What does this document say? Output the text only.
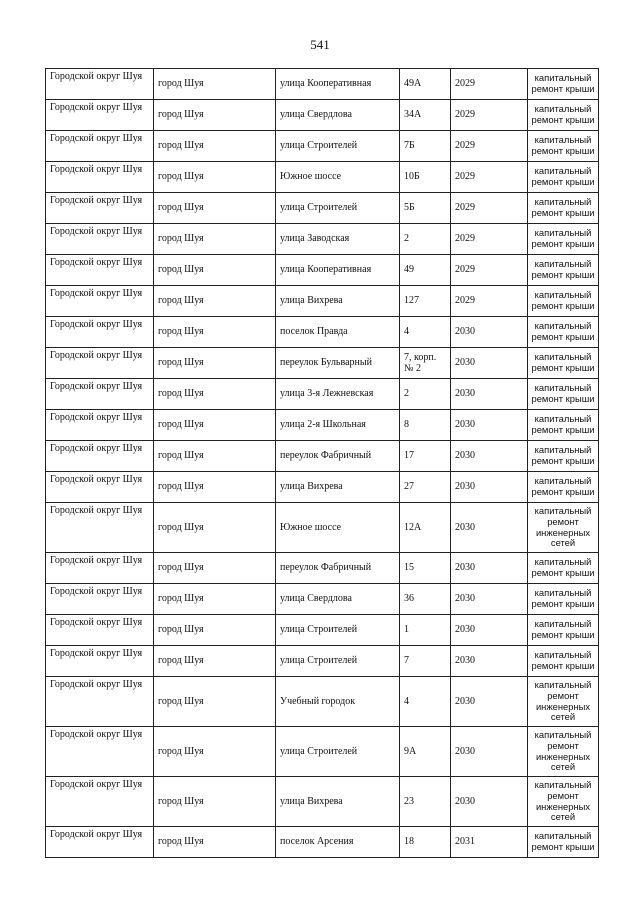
541
Городской округ Шуя	город Шуя	улица Кооперативная	49А	2029	капитальный ремонт крыши
Городской округ Шуя	город Шуя	улица Свердлова	34А	2029	капитальный ремонт крыши
Городской округ Шуя	город Шуя	улица Строителей	7Б	2029	капитальный ремонт крыши
Городской округ Шуя	город Шуя	Южное шоссе	10Б	2029	капитальный ремонт крыши
Городской округ Шуя	город Шуя	улица Строителей	5Б	2029	капитальный ремонт крыши
Городской округ Шуя	город Шуя	улица Заводская	2	2029	капитальный ремонт крыши
Городской округ Шуя	город Шуя	улица Кооперативная	49	2029	капитальный ремонт крыши
Городской округ Шуя	город Шуя	улица Вихрева	127	2029	капитальный ремонт крыши
Городской округ Шуя	город Шуя	поселок Правда	4	2030	капитальный ремонт крыши
Городской округ Шуя	город Шуя	переулок Бульварный	7, корп. № 2	2030	капитальный ремонт крыши
Городской округ Шуя	город Шуя	улица 3-я Лежневская	2	2030	капитальный ремонт крыши
Городской округ Шуя	город Шуя	улица 2-я Школьная	8	2030	капитальный ремонт крыши
Городской округ Шуя	город Шуя	переулок Фабричный	17	2030	капитальный ремонт крыши
Городской округ Шуя	город Шуя	улица Вихрева	27	2030	капитальный ремонт крыши
Городской округ Шуя	город Шуя	Южное шоссе	12А	2030	капитальный ремонт инженерных сетей
Городской округ Шуя	город Шуя	переулок Фабричный	15	2030	капитальный ремонт крыши
Городской округ Шуя	город Шуя	улица Свердлова	36	2030	капитальный ремонт крыши
Городской округ Шуя	город Шуя	улица Строителей	1	2030	капитальный ремонт крыши
Городской округ Шуя	город Шуя	улица Строителей	7	2030	капитальный ремонт крыши
Городской округ Шуя	город Шуя	Учебный городок	4	2030	капитальный ремонт инженерных сетей
Городской округ Шуя	город Шуя	улица Строителей	9А	2030	капитальный ремонт инженерных сетей
Городской округ Шуя	город Шуя	улица Вихрева	23	2030	капитальный ремонт инженерных сетей
Городской округ Шуя	город Шуя	поселок Арсения	18	2031	капитальный ремонт крыши
